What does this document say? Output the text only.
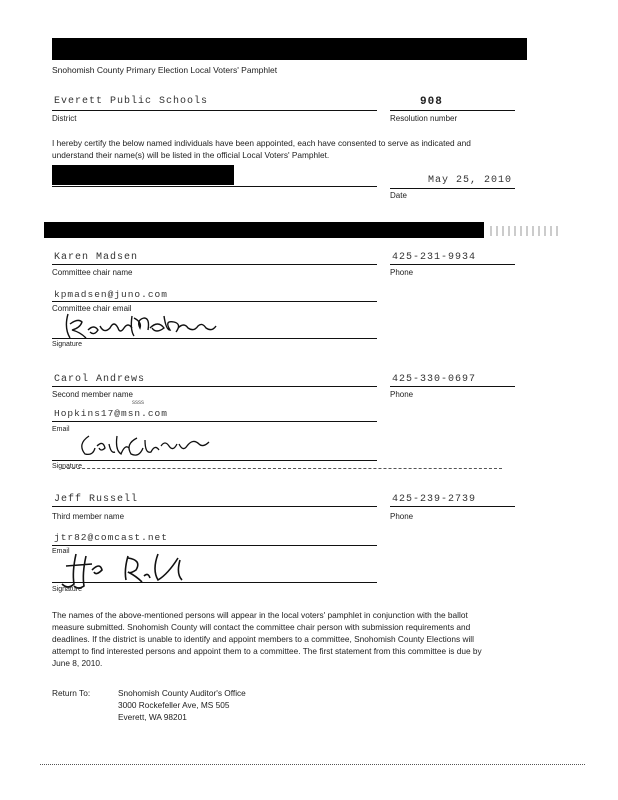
Snohomish County Primary Election Local Voters' Pamphlet
Everett Public Schools
District
908
Resolution number
I hereby certify the below named individuals have been appointed, each have consented to serve as indicated and
understand their name(s) will be listed in the official Local Voters' Pamphlet.
May 25, 2010
Date
Karen Madsen
Committee chair name
425-231-9934
Phone
kpmadsen@juno.com
Committee chair email
Signature
Carol Andrews
Second member name
425-330-0697
Phone
ssss
Hopkins17@msn.com
Email
Signature
Jeff Russell
Third member name
425-239-2739
Phone
jtr82@comcast.net
Email
Signature
The names of the above-mentioned persons will appear in the local voters' pamphlet in conjunction with the ballot
measure submitted. Snohomish County will contact the committee chair person with submission requirements and
deadlines. If the district is unable to identify and appoint members to a committee, Snohomish County Elections will
attempt to find interested persons and appoint them to a committee. The first statement from this committee is due by
June 8, 2010.
Return To:	Snohomish County Auditor's Office
3000 Rockefeller Ave, MS 505
Everett, WA 98201
